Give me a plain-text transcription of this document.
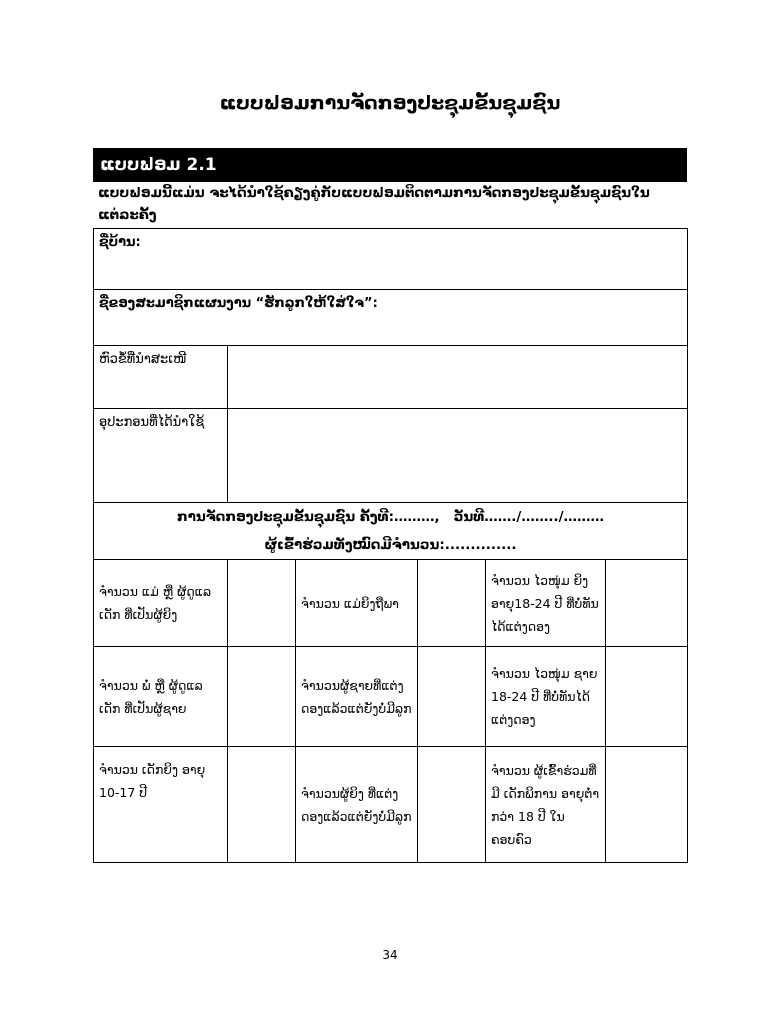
ແບບຟອມການຈັດກອງປະຊຸມຂັ້ນຊຸມຊົນ
ແບບຟອມ 2.1
ແບບຟອມນີ້ແມ່ນ ຈະໄດ້ນຳໃຊ້ຄຽງຄູ່ກັບແບບຟອມຕິດຕາມການຈັດກອງປະຊຸມຂັ້ນຊຸມຊົນໃນແຕ່ລະຄັ້ງ
ຊື່ບ້ານ:					
ຊື່ຂອງສະມາຊິກແຜນງານ “ຮັກລູກໃຫ້ໃສ່ໃຈ”:					
ຫົວຂໍ້ທີ່ນຳສະເໜີ					
ອຸປະກອນທີ່ໄດ້ນຳໃຊ້					

ການຈັດກອງປະຊຸມຂັ້ນຊຸມຊົນ ຄັ້ງທີ:………,   ວັນທີ……./……../………
ຜູ້ເຂົ້າຮ່ວມທັງໝົດມີຈຳນວນ:..............					

ຈຳນວນ ແມ່ ຫຼື ຜູ້ດູແລເດັກ ທີ່ເປັນຜູ້ຍິງ		ຈຳນວນ ແມ່ຍິງຖືພາ		ຈຳນວນ ໄວໜຸ່ມ ຍິງ ອາຍຸ18-24 ປີ ທີ່ບໍ່ທັນໄດ້ແຕ່ງດອງ	
ຈຳນວນ ພໍ່ ຫຼື ຜູ້ດູແລເດັກ ທີ່ເປັນຜູ້ຊາຍ		ຈຳນວນຜູ້ຊາຍທີ່ແຕ່ງດອງແລ້ວແຕ່ຍັງບໍ່ມີລູກ		ຈຳນວນ ໄວໜຸ່ມ ຊາຍ 18-24 ປີ ທີ່ບໍ່ທັນໄດ້ແຕ່ງດອງ	
ຈຳນວນ ເດັກຍິງ ອາຍຸ 10-17 ປີ		ຈຳນວນຜູ້ຍິງ ທີ່ແຕ່ງດອງແລ້ວແຕ່ຍັງບໍ່ມີລູກ		ຈຳນວນ ຜູ້ເຂົ້າຮ່ວມທີ່ມີ ເດັກພິການ ອາຍຸຕ່ຳກວ່າ 18 ປີ ໃນຄອບຄົວ	
34
